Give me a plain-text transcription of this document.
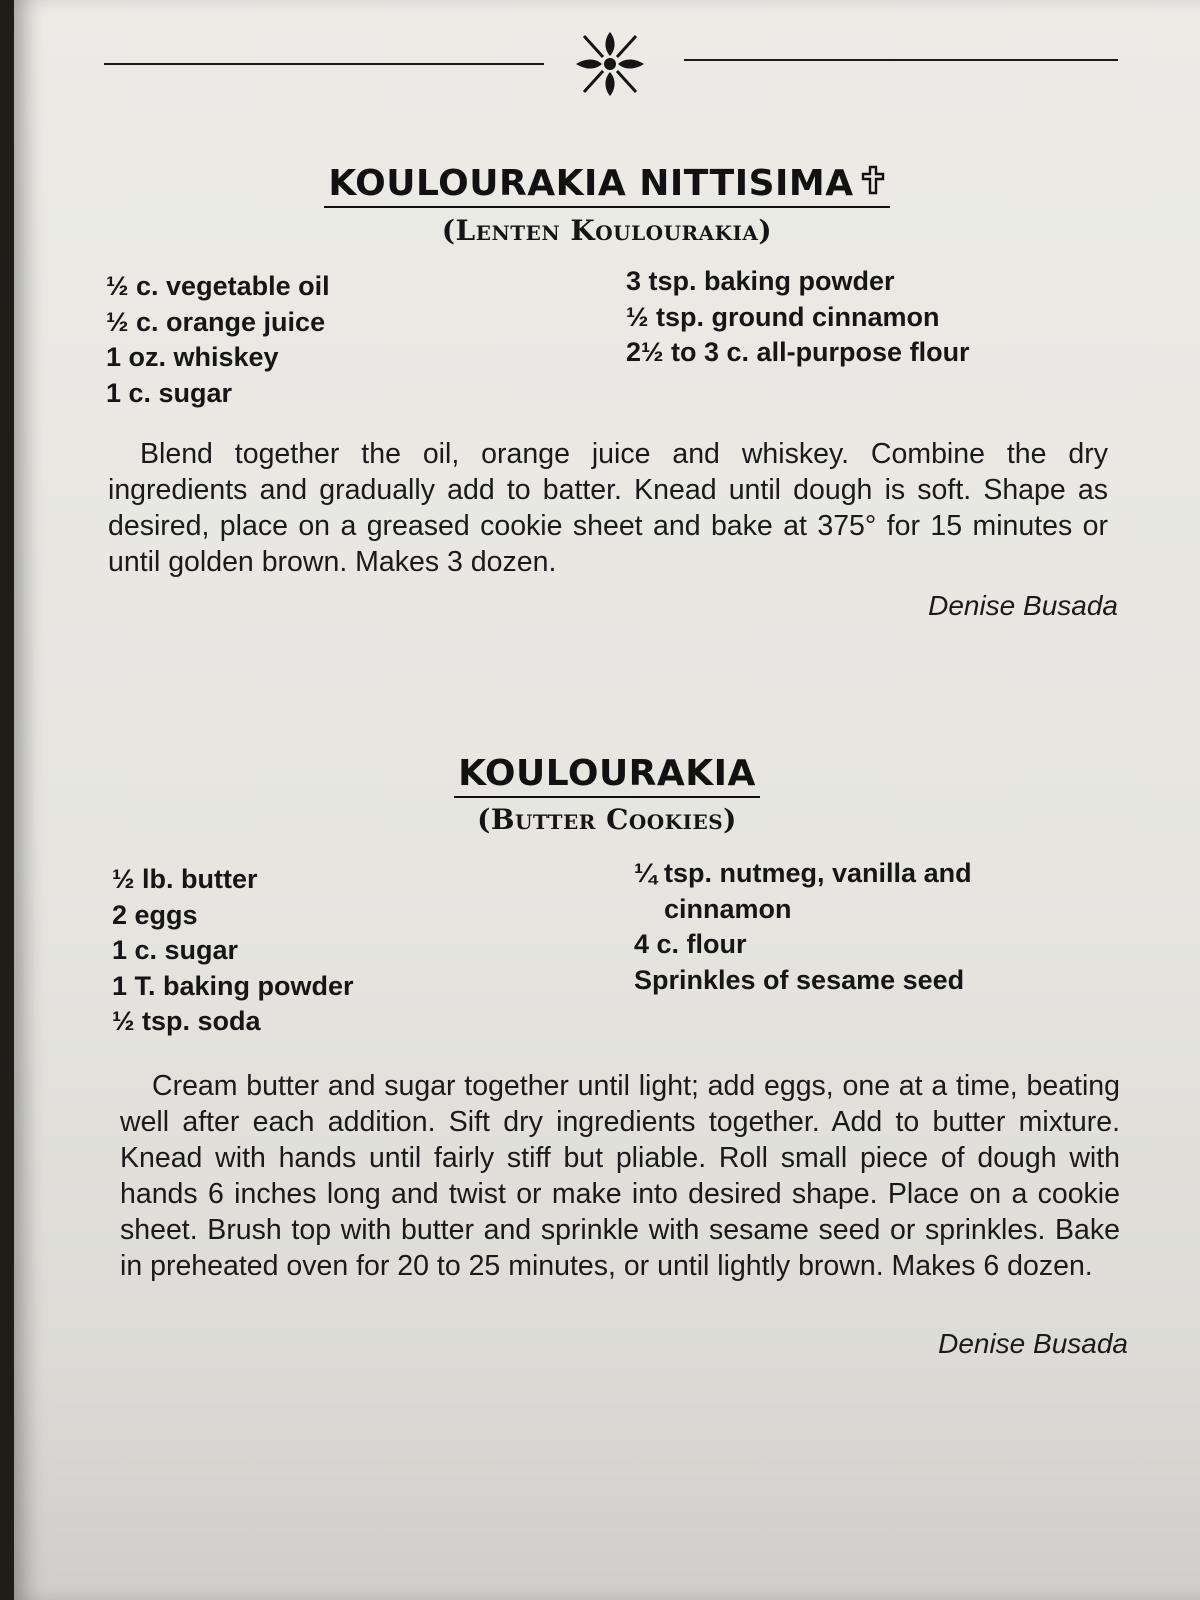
KOULOURAKIA NITTISIMA
(Lenten Koulourakia)
½ c. vegetable oil
½ c. orange juice
1 oz. whiskey
1 c. sugar
3 tsp. baking powder
½ tsp. ground cinnamon
2½ to 3 c. all-purpose flour
Blend together the oil, orange juice and whiskey. Combine the dry ingredients and gradually add to batter. Knead until dough is soft. Shape as desired, place on a greased cookie sheet and bake at 375° for 15 minutes or until golden brown. Makes 3 dozen.
Denise Busada
KOULOURAKIA
(Butter Cookies)
½ lb. butter
2 eggs
1 c. sugar
1 T. baking powder
½ tsp. soda
¼ tsp. nutmeg, vanilla and
cinnamon
4 c. flour
Sprinkles of sesame seed
Cream butter and sugar together until light; add eggs, one at a time, beating well after each addition. Sift dry ingredients together. Add to butter mixture. Knead with hands until fairly stiff but pliable. Roll small piece of dough with hands 6 inches long and twist or make into desired shape. Place on a cookie sheet. Brush top with butter and sprinkle with sesame seed or sprinkles. Bake in preheated oven for 20 to 25 minutes, or until lightly brown. Makes 6 dozen.
Denise Busada
